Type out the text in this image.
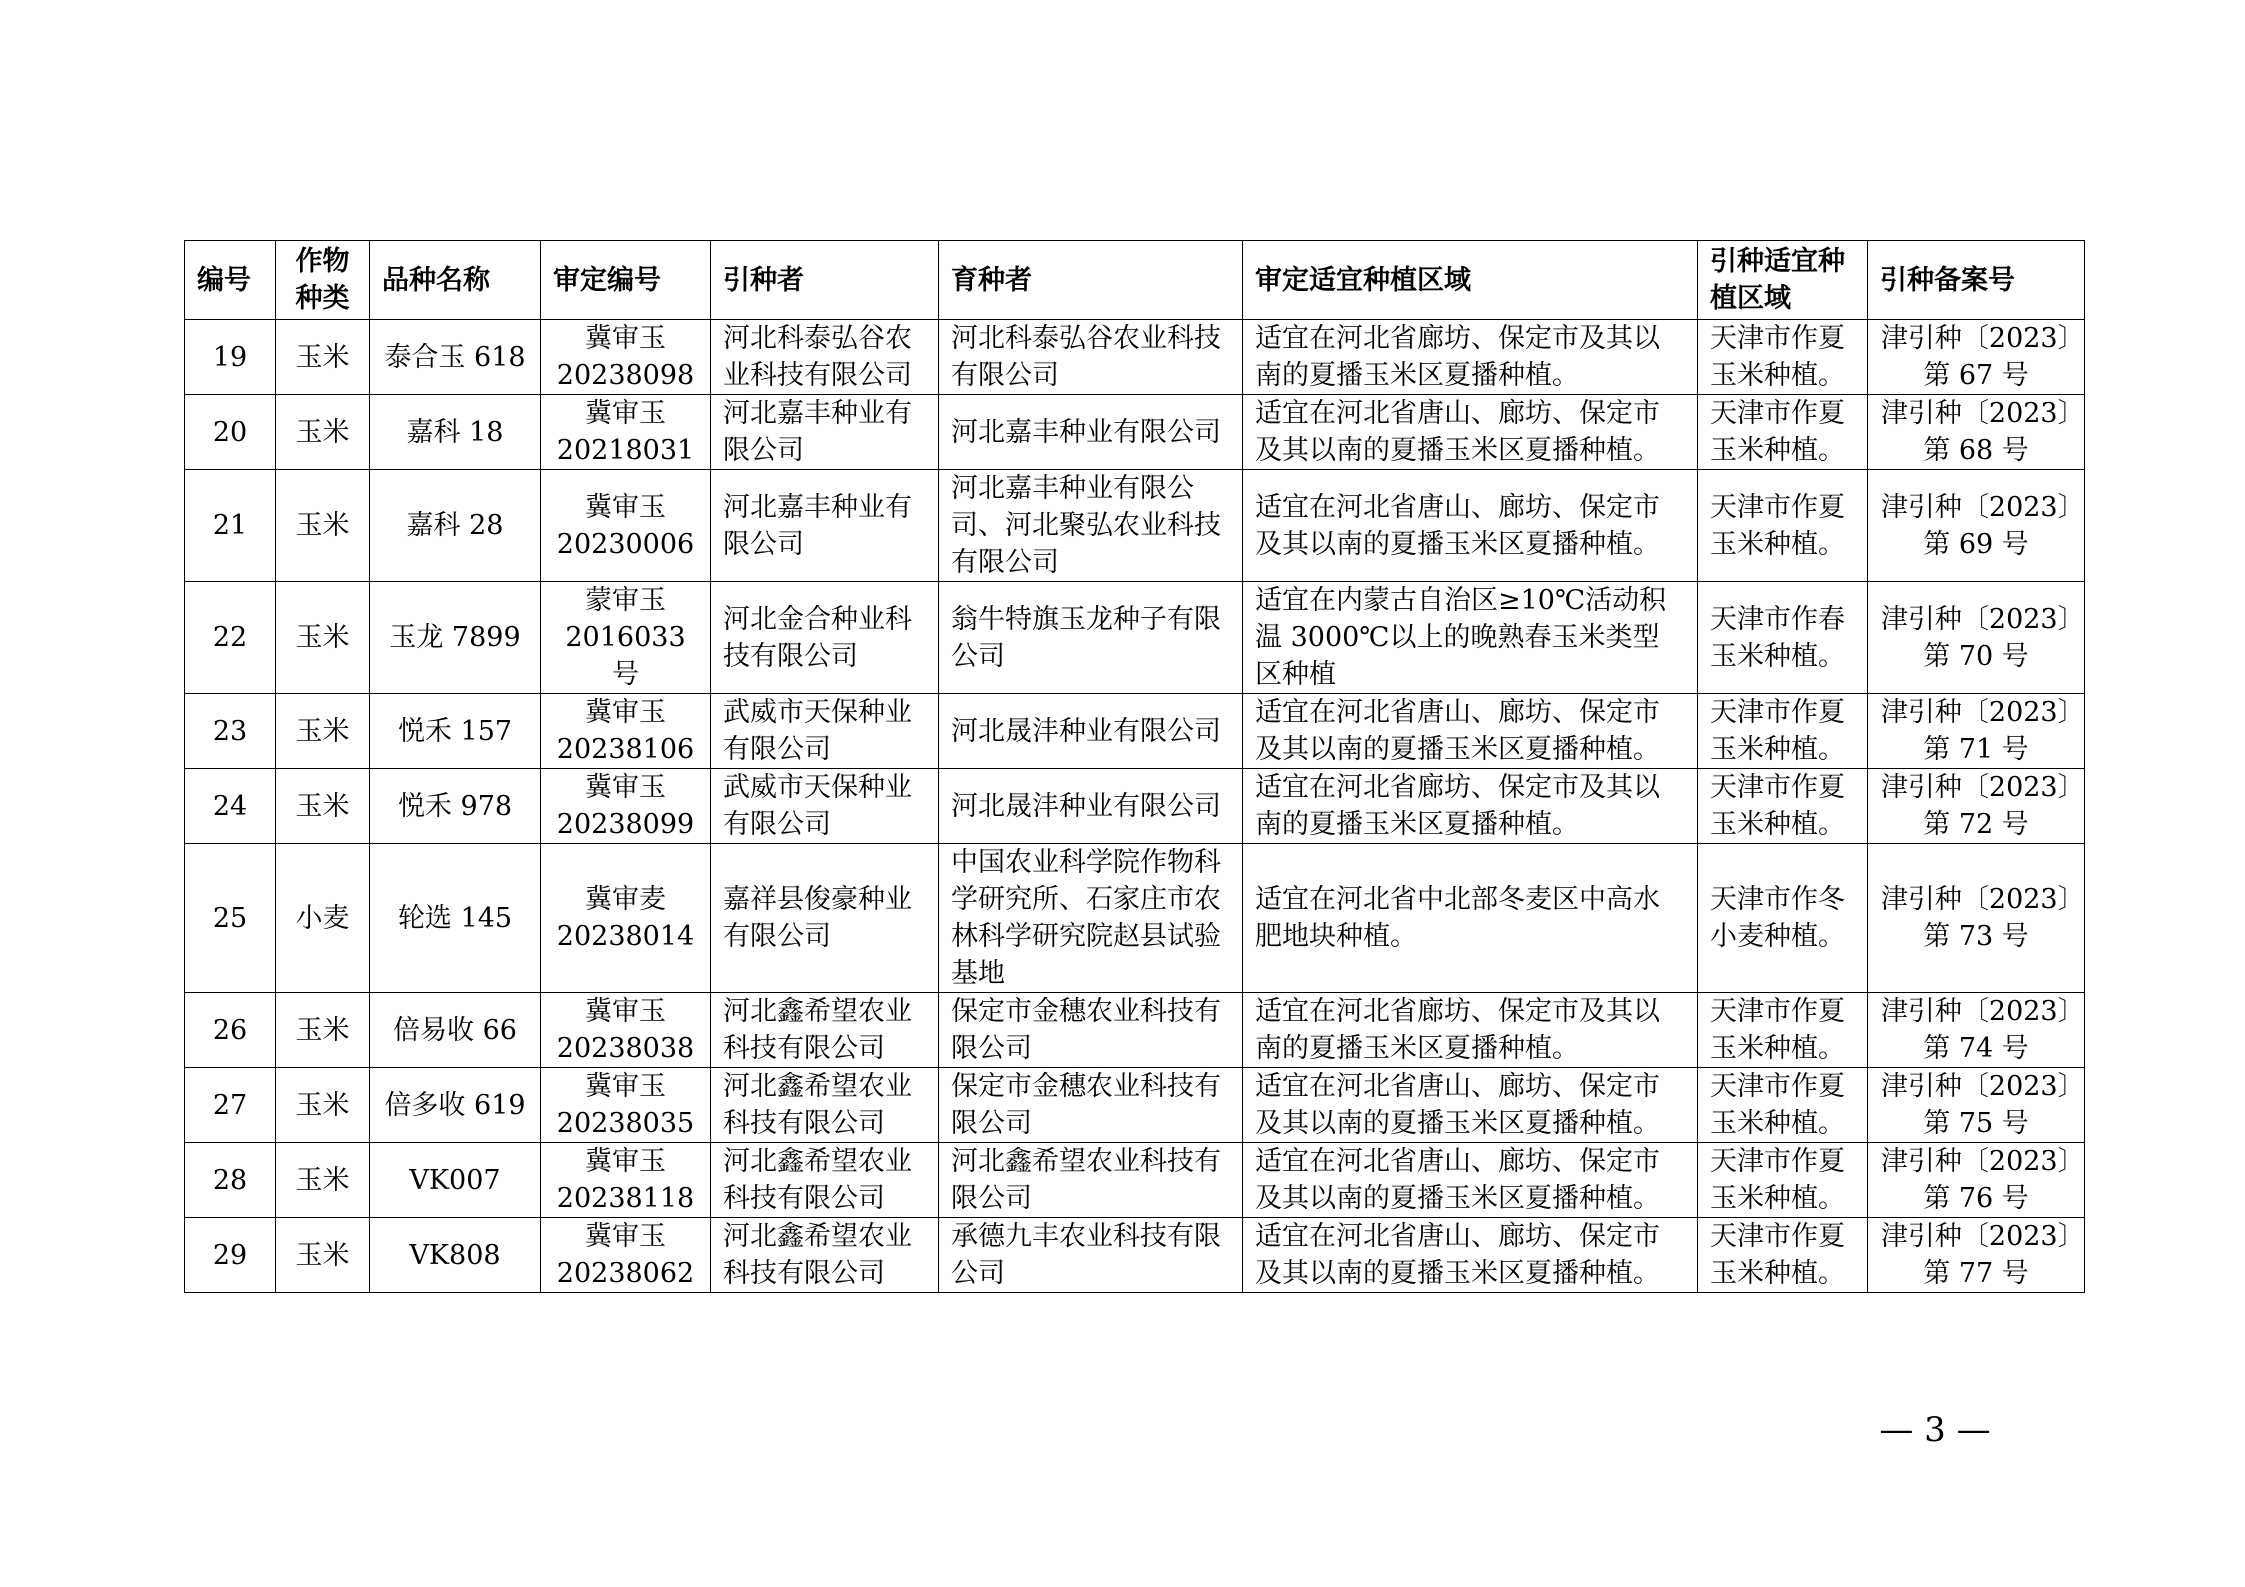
编号	作物种类	品种名称	审定编号	引种者	育种者	审定适宜种植区域	引种适宜种植区域	引种备案号
19	玉米	泰合玉 618	冀审玉 20238098	河北科泰弘谷农业科技有限公司	河北科泰弘谷农业科技有限公司	适宜在河北省廊坊、保定市及其以南的夏播玉米区夏播种植。	天津市作夏玉米种植。	津引种〔2023〕第 67 号
20	玉米	嘉科 18	冀审玉 20218031	河北嘉丰种业有限公司	河北嘉丰种业有限公司	适宜在河北省唐山、廊坊、保定市及其以南的夏播玉米区夏播种植。	天津市作夏玉米种植。	津引种〔2023〕第 68 号
21	玉米	嘉科 28	冀审玉 20230006	河北嘉丰种业有限公司	河北嘉丰种业有限公司、河北聚弘农业科技有限公司	适宜在河北省唐山、廊坊、保定市及其以南的夏播玉米区夏播种植。	天津市作夏玉米种植。	津引种〔2023〕第 69 号
22	玉米	玉龙 7899	蒙审玉 2016033 号	河北金合种业科技有限公司	翁牛特旗玉龙种子有限公司	适宜在内蒙古自治区≥10℃活动积温 3000℃以上的晚熟春玉米类型区种植	天津市作春玉米种植。	津引种〔2023〕第 70 号
23	玉米	悦禾 157	冀审玉 20238106	武威市天保种业有限公司	河北晟沣种业有限公司	适宜在河北省唐山、廊坊、保定市及其以南的夏播玉米区夏播种植。	天津市作夏玉米种植。	津引种〔2023〕第 71 号
24	玉米	悦禾 978	冀审玉 20238099	武威市天保种业有限公司	河北晟沣种业有限公司	适宜在河北省廊坊、保定市及其以南的夏播玉米区夏播种植。	天津市作夏玉米种植。	津引种〔2023〕第 72 号
25	小麦	轮选 145	冀审麦 20238014	嘉祥县俊豪种业有限公司	中国农业科学院作物科学研究所、石家庄市农林科学研究院赵县试验基地	适宜在河北省中北部冬麦区中高水肥地块种植。	天津市作冬小麦种植。	津引种〔2023〕第 73 号
26	玉米	倍易收 66	冀审玉 20238038	河北鑫希望农业科技有限公司	保定市金穗农业科技有限公司	适宜在河北省廊坊、保定市及其以南的夏播玉米区夏播种植。	天津市作夏玉米种植。	津引种〔2023〕第 74 号
27	玉米	倍多收 619	冀审玉 20238035	河北鑫希望农业科技有限公司	保定市金穗农业科技有限公司	适宜在河北省唐山、廊坊、保定市及其以南的夏播玉米区夏播种植。	天津市作夏玉米种植。	津引种〔2023〕第 75 号
28	玉米	VK007	冀审玉 20238118	河北鑫希望农业科技有限公司	河北鑫希望农业科技有限公司	适宜在河北省唐山、廊坊、保定市及其以南的夏播玉米区夏播种植。	天津市作夏玉米种植。	津引种〔2023〕第 76 号
29	玉米	VK808	冀审玉 20238062	河北鑫希望农业科技有限公司	承德九丰农业科技有限公司	适宜在河北省唐山、廊坊、保定市及其以南的夏播玉米区夏播种植。	天津市作夏玉米种植。	津引种〔2023〕第 77 号
— 3 —
